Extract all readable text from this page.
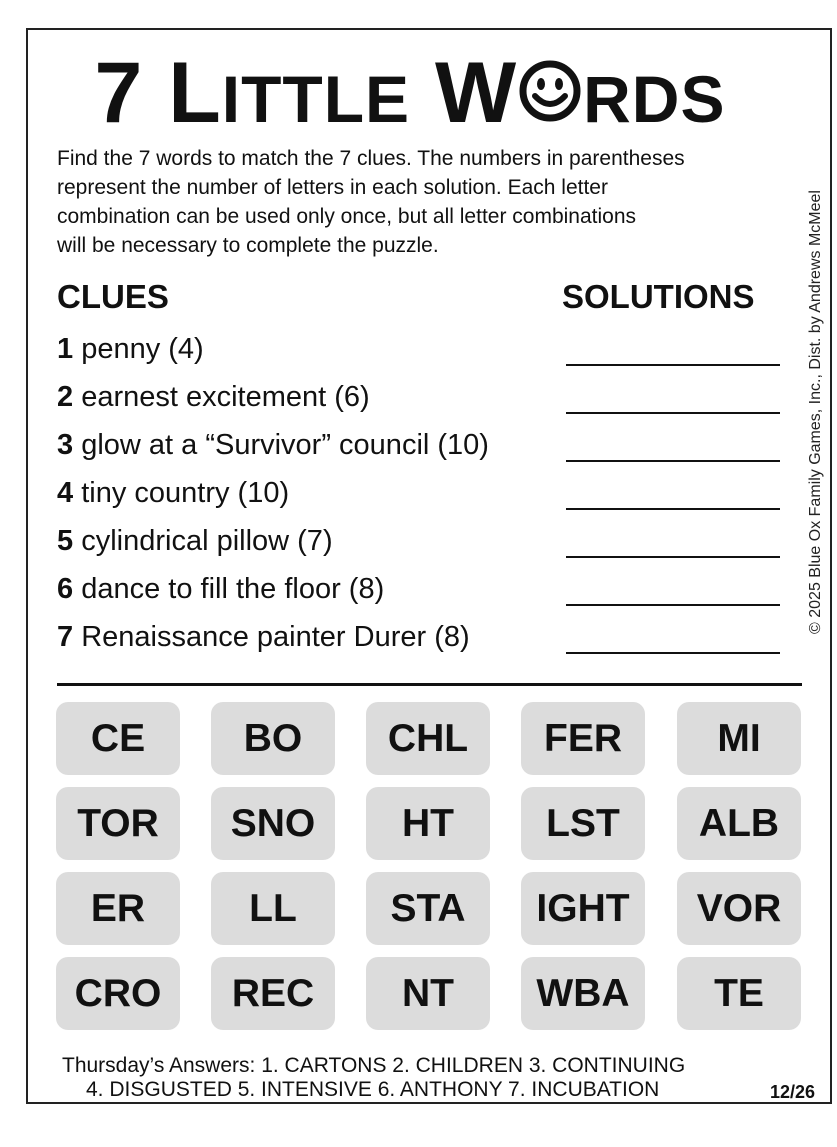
7 LITTLE W RDS

Find the 7 words to match the 7 clues. The numbers in parentheses

represent the number of letters in each solution. Each letter

combination can be used only once, but all letter combinations

will be necessary to complete the puzzle.	© 2025 Blue Ox Family Games, Inc., Dist. by Andrews McMeel
CLUES	SOLUTIONS
1 penny (4)
2 earnest excitement (6)
3 glow at a “Survivor” council (10)
4 tiny country (10)
5 cylindrical pillow (7)
6 dance to fill the floor (8)
7 Renaissance painter Durer (8)
CE	BO	CHL	FER	MI
TOR	SNO	HT	LST	ALB
ER	LL	STA	IGHT	VOR
CRO	REC	NT	WBA	TE
Thursday’s Answers: 1. CARTONS 2. CHILDREN 3. CONTINUING
4. DISGUSTED 5. INTENSIVE 6. ANTHONY 7. INCUBATION	12/26
